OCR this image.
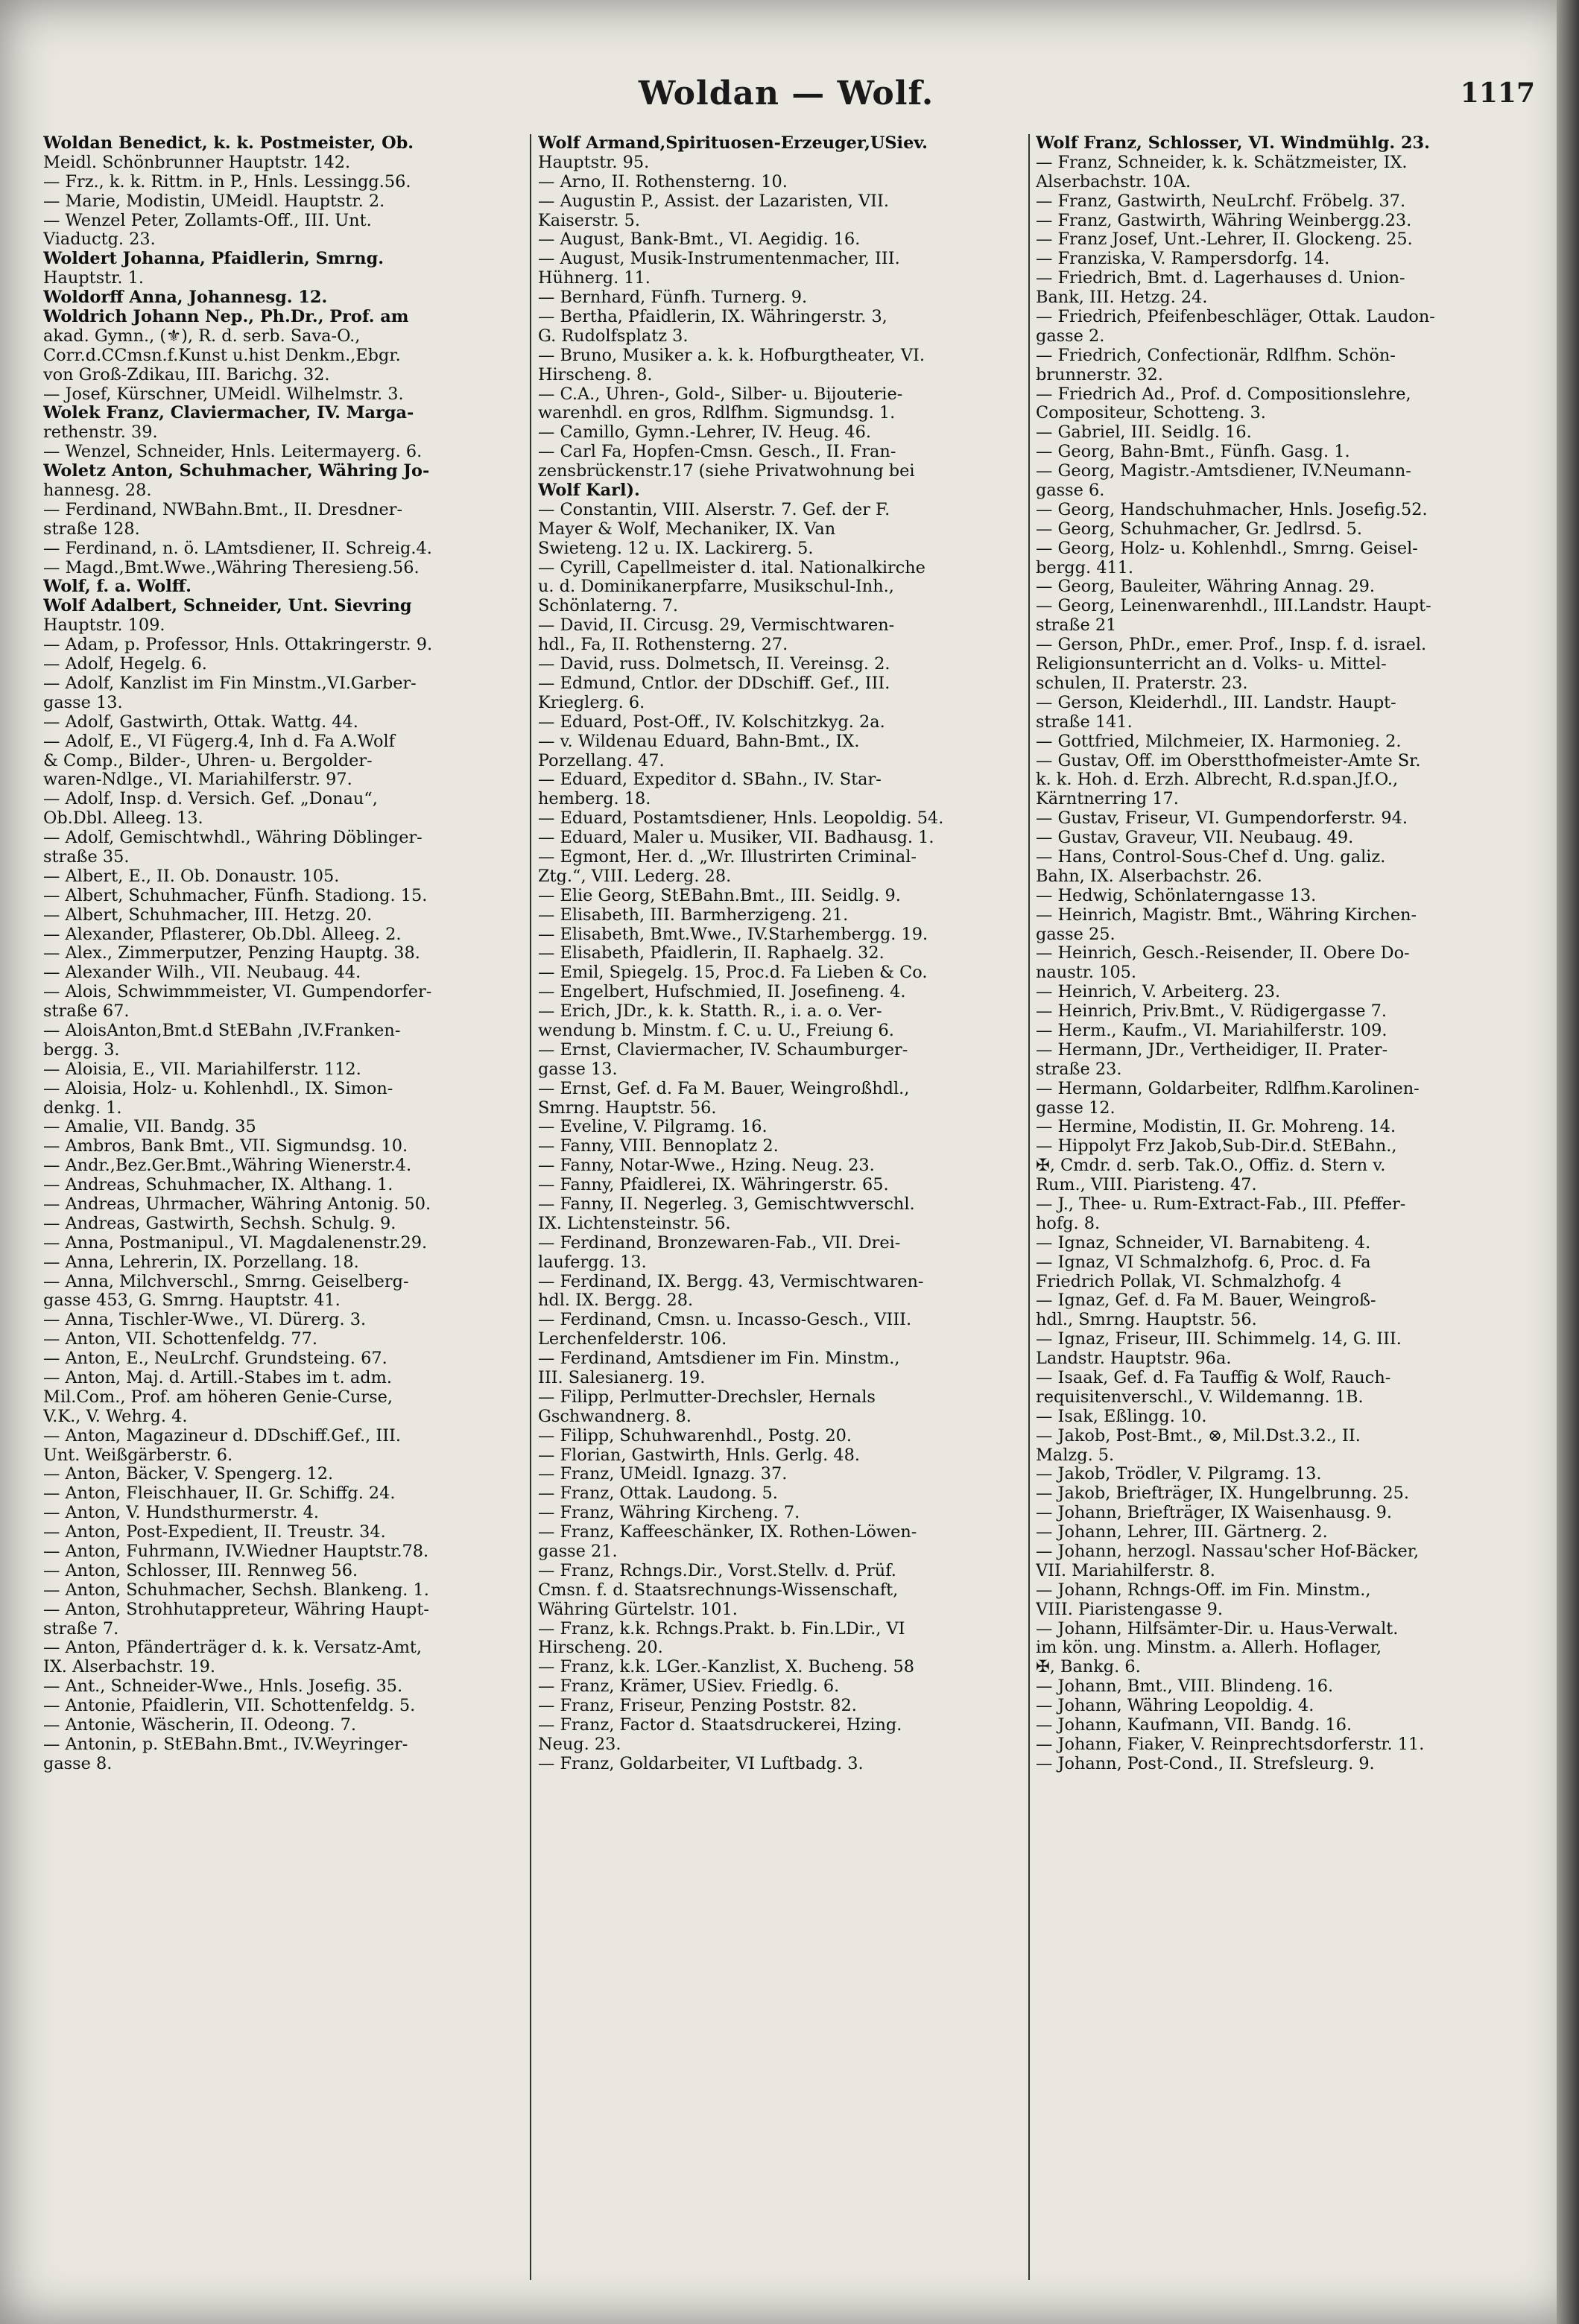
Woldan — Wolf.	1117
Woldan Benedict, k. k. Postmeister, Ob.
Meidl. Schönbrunner Hauptstr. 142.
— Frz., k. k. Rittm. in P., Hnls. Lessingg.56.
— Marie, Modistin, UMeidl. Hauptstr. 2.
— Wenzel Peter, Zollamts-Off., III. Unt.
Viaductg. 23.
Woldert Johanna, Pfaidlerin, Smrng.
Hauptstr. 1.
Woldorff Anna, Johannesg. 12.
Woldrich Johann Nep., Ph.Dr., Prof. am
akad. Gymn., (⚜), R. d. serb. Sava-O.,
Corr.d.CCmsn.f.Kunst u.hist Denkm.,Ebgr.
von Groß-Zdikau, III. Barichg. 32.
— Josef, Kürschner, UMeidl. Wilhelmstr. 3.
Wolek Franz, Claviermacher, IV. Marga-
rethenstr. 39.
— Wenzel, Schneider, Hnls. Leitermayerg. 6.
Woletz Anton, Schuhmacher, Währing Jo-
hannesg. 28.
— Ferdinand, NWBahn.Bmt., II. Dresdner-
straße 128.
— Ferdinand, n. ö. LAmtsdiener, II. Schreig.4.
— Magd.,Bmt.Wwe.,Währing Theresieng.56.
Wolf, f. a. Wolff.
Wolf Adalbert, Schneider, Unt. Sievring
Hauptstr. 109.
— Adam, p. Professor, Hnls. Ottakringerstr. 9.
— Adolf, Hegelg. 6.
— Adolf, Kanzlist im Fin Minstm.,VI.Garber-
gasse 13.
— Adolf, Gastwirth, Ottak. Wattg. 44.
— Adolf, E., VI Fügerg.4, Inh d. Fa A.Wolf
& Comp., Bilder-, Uhren- u. Bergolder-
waren-Ndlge., VI. Mariahilferstr. 97.
— Adolf, Insp. d. Versich. Gef. „Donau“,
Ob.Dbl. Alleeg. 13.
— Adolf, Gemischtwhdl., Währing Döblinger-
straße 35.
— Albert, E., II. Ob. Donaustr. 105.
— Albert, Schuhmacher, Fünfh. Stadiong. 15.
— Albert, Schuhmacher, III. Hetzg. 20.
— Alexander, Pflasterer, Ob.Dbl. Alleeg. 2.
— Alex., Zimmerputzer, Penzing Hauptg. 38.
— Alexander Wilh., VII. Neubaug. 44.
— Alois, Schwimmmeister, VI. Gumpendorfer-
straße 67.
— AloisAnton,Bmt.d StEBahn ,IV.Franken-
bergg. 3.
— Aloisia, E., VII. Mariahilferstr. 112.
— Aloisia, Holz- u. Kohlenhdl., IX. Simon-
denkg. 1.
— Amalie, VII. Bandg. 35
— Ambros, Bank Bmt., VII. Sigmundsg. 10.
— Andr.,Bez.Ger.Bmt.,Währing Wienerstr.4.
— Andreas, Schuhmacher, IX. Althang. 1.
— Andreas, Uhrmacher, Währing Antonig. 50.
— Andreas, Gastwirth, Sechsh. Schulg. 9.
— Anna, Postmanipul., VI. Magdalenenstr.29.
— Anna, Lehrerin, IX. Porzellang. 18.
— Anna, Milchverschl., Smrng. Geiselberg-
gasse 453, G. Smrng. Hauptstr. 41.
— Anna, Tischler-Wwe., VI. Dürerg. 3.
— Anton, VII. Schottenfeldg. 77.
— Anton, E., NeuLrchf. Grundsteing. 67.
— Anton, Maj. d. Artill.-Stabes im t. adm.
Mil.Com., Prof. am höheren Genie-Curse,
V.K., V. Wehrg. 4.
— Anton, Magazineur d. DDschiff.Gef., III.
Unt. Weißgärberstr. 6.
— Anton, Bäcker, V. Spengerg. 12.
— Anton, Fleischhauer, II. Gr. Schiffg. 24.
— Anton, V. Hundsthurmerstr. 4.
— Anton, Post-Expedient, II. Treustr. 34.
— Anton, Fuhrmann, IV.Wiedner Hauptstr.78.
— Anton, Schlosser, III. Rennweg 56.
— Anton, Schuhmacher, Sechsh. Blankeng. 1.
— Anton, Strohhutappreteur, Währing Haupt-
straße 7.
— Anton, Pfänderträger d. k. k. Versatz-Amt,
IX. Alserbachstr. 19.
— Ant., Schneider-Wwe., Hnls. Josefig. 35.
— Antonie, Pfaidlerin, VII. Schottenfeldg. 5.
— Antonie, Wäscherin, II. Odeong. 7.
— Antonin, p. StEBahn.Bmt., IV.Weyringer-
gasse 8.
Wolf Armand,Spirituosen-Erzeuger,USiev.
Hauptstr. 95.
— Arno, II. Rothensterng. 10.
— Augustin P., Assist. der Lazaristen, VII.
Kaiserstr. 5.
— August, Bank-Bmt., VI. Aegidig. 16.
— August, Musik-Instrumentenmacher, III.
Hühnerg. 11.
— Bernhard, Fünfh. Turnerg. 9.
— Bertha, Pfaidlerin, IX. Währingerstr. 3,
G. Rudolfsplatz 3.
— Bruno, Musiker a. k. k. Hofburgtheater, VI.
Hirscheng. 8.
— C.A., Uhren-, Gold-, Silber- u. Bijouterie-
warenhdl. en gros, Rdlfhm. Sigmundsg. 1.
— Camillo, Gymn.-Lehrer, IV. Heug. 46.
— Carl Fa, Hopfen-Cmsn. Gesch., II. Fran-
zensbrückenstr.17 (siehe Privatwohnung bei
Wolf Karl).
— Constantin, VIII. Alserstr. 7. Gef. der F.
Mayer & Wolf, Mechaniker, IX. Van
Swieteng. 12 u. IX. Lackirerg. 5.
— Cyrill, Capellmeister d. ital. Nationalkirche
u. d. Dominikanerpfarre, Musikschul-Inh.,
Schönlaterng. 7.
— David, II. Circusg. 29, Vermischtwaren-
hdl., Fa, II. Rothensterng. 27.
— David, russ. Dolmetsch, II. Vereinsg. 2.
— Edmund, Cntlor. der DDschiff. Gef., III.
Krieglerg. 6.
— Eduard, Post-Off., IV. Kolschitzkyg. 2a.
— v. Wildenau Eduard, Bahn-Bmt., IX.
Porzellang. 47.
— Eduard, Expeditor d. SBahn., IV. Star-
hemberg. 18.
— Eduard, Postamtsdiener, Hnls. Leopoldig. 54.
— Eduard, Maler u. Musiker, VII. Badhausg. 1.
— Egmont, Her. d. „Wr. Illustrirten Criminal-
Ztg.“, VIII. Lederg. 28.
— Elie Georg, StEBahn.Bmt., III. Seidlg. 9.
— Elisabeth, III. Barmherzigeng. 21.
— Elisabeth, Bmt.Wwe., IV.Starhembergg. 19.
— Elisabeth, Pfaidlerin, II. Raphaelg. 32.
— Emil, Spiegelg. 15, Proc.d. Fa Lieben & Co.
— Engelbert, Hufschmied, II. Josefineng. 4.
— Erich, JDr., k. k. Statth. R., i. a. o. Ver-
wendung b. Minstm. f. C. u. U., Freiung 6.
— Ernst, Claviermacher, IV. Schaumburger-
gasse 13.
— Ernst, Gef. d. Fa M. Bauer, Weingroßhdl.,
Smrng. Hauptstr. 56.
— Eveline, V. Pilgramg. 16.
— Fanny, VIII. Bennoplatz 2.
— Fanny, Notar-Wwe., Hzing. Neug. 23.
— Fanny, Pfaidlerei, IX. Währingerstr. 65.
— Fanny, II. Negerleg. 3, Gemischtwverschl.
IX. Lichtensteinstr. 56.
— Ferdinand, Bronzewaren-Fab., VII. Drei-
laufergg. 13.
— Ferdinand, IX. Bergg. 43, Vermischtwaren-
hdl. IX. Bergg. 28.
— Ferdinand, Cmsn. u. Incasso-Gesch., VIII.
Lerchenfelderstr. 106.
— Ferdinand, Amtsdiener im Fin. Minstm.,
III. Salesianerg. 19.
— Filipp, Perlmutter-Drechsler, Hernals
Gschwandnerg. 8.
— Filipp, Schuhwarenhdl., Postg. 20.
— Florian, Gastwirth, Hnls. Gerlg. 48.
— Franz, UMeidl. Ignazg. 37.
— Franz, Ottak. Laudong. 5.
— Franz, Währing Kircheng. 7.
— Franz, Kaffeeschänker, IX. Rothen-Löwen-
gasse 21.
— Franz, Rchngs.Dir., Vorst.Stellv. d. Prüf.
Cmsn. f. d. Staatsrechnungs-Wissenschaft,
Währing Gürtelstr. 101.
— Franz, k.k. Rchngs.Prakt. b. Fin.LDir., VI
Hirscheng. 20.
— Franz, k.k. LGer.-Kanzlist, X. Bucheng. 58
— Franz, Krämer, USiev. Friedlg. 6.
— Franz, Friseur, Penzing Poststr. 82.
— Franz, Factor d. Staatsdruckerei, Hzing.
Neug. 23.
— Franz, Goldarbeiter, VI Luftbadg. 3.
Wolf Franz, Schlosser, VI. Windmühlg. 23.
— Franz, Schneider, k. k. Schätzmeister, IX.
Alserbachstr. 10A.
— Franz, Gastwirth, NeuLrchf. Fröbelg. 37.
— Franz, Gastwirth, Währing Weinbergg.23.
— Franz Josef, Unt.-Lehrer, II. Glockeng. 25.
— Franziska, V. Rampersdorfg. 14.
— Friedrich, Bmt. d. Lagerhauses d. Union-
Bank, III. Hetzg. 24.
— Friedrich, Pfeifenbeschläger, Ottak. Laudon-
gasse 2.
— Friedrich, Confectionär, Rdlfhm. Schön-
brunnerstr. 32.
— Friedrich Ad., Prof. d. Compositionslehre,
Compositeur, Schotteng. 3.
— Gabriel, III. Seidlg. 16.
— Georg, Bahn-Bmt., Fünfh. Gasg. 1.
— Georg, Magistr.-Amtsdiener, IV.Neumann-
gasse 6.
— Georg, Handschuhmacher, Hnls. Josefig.52.
— Georg, Schuhmacher, Gr. Jedlrsd. 5.
— Georg, Holz- u. Kohlenhdl., Smrng. Geisel-
bergg. 411.
— Georg, Bauleiter, Währing Annag. 29.
— Georg, Leinenwarenhdl., III.Landstr. Haupt-
straße 21
— Gerson, PhDr., emer. Prof., Insp. f. d. israel.
Religionsunterricht an d. Volks- u. Mittel-
schulen, II. Praterstr. 23.
— Gerson, Kleiderhdl., III. Landstr. Haupt-
straße 141.
— Gottfried, Milchmeier, IX. Harmonieg. 2.
— Gustav, Off. im Oberstthofmeister-Amte Sr.
k. k. Hoh. d. Erzh. Albrecht, R.d.span.Jf.O.,
Kärntnerring 17.
— Gustav, Friseur, VI. Gumpendorferstr. 94.
— Gustav, Graveur, VII. Neubaug. 49.
— Hans, Control-Sous-Chef d. Ung. galiz.
Bahn, IX. Alserbachstr. 26.
— Hedwig, Schönlaterngasse 13.
— Heinrich, Magistr. Bmt., Währing Kirchen-
gasse 25.
— Heinrich, Gesch.-Reisender, II. Obere Do-
naustr. 105.
— Heinrich, V. Arbeiterg. 23.
— Heinrich, Priv.Bmt., V. Rüdigergasse 7.
— Herm., Kaufm., VI. Mariahilferstr. 109.
— Hermann, JDr., Vertheidiger, II. Prater-
straße 23.
— Hermann, Goldarbeiter, Rdlfhm.Karolinen-
gasse 12.
— Hermine, Modistin, II. Gr. Mohreng. 14.
— Hippolyt Frz Jakob,Sub-Dir.d. StEBahn.,
✠, Cmdr. d. serb. Tak.O., Offiz. d. Stern v.
Rum., VIII. Piaristeng. 47.
— J., Thee- u. Rum-Extract-Fab., III. Pfeffer-
hofg. 8.
— Ignaz, Schneider, VI. Barnabiteng. 4.
— Ignaz, VI Schmalzhofg. 6, Proc. d. Fa
Friedrich Pollak, VI. Schmalzhofg. 4
— Ignaz, Gef. d. Fa M. Bauer, Weingroß-
hdl., Smrng. Hauptstr. 56.
— Ignaz, Friseur, III. Schimmelg. 14, G. III.
Landstr. Hauptstr. 96a.
— Isaak, Gef. d. Fa Tauffig & Wolf, Rauch-
requisitenverschl., V. Wildemanng. 1B.
— Isak, Eßlingg. 10.
— Jakob, Post-Bmt., ⊗, Mil.Dst.3.2., II.
Malzg. 5.
— Jakob, Trödler, V. Pilgramg. 13.
— Jakob, Briefträger, IX. Hungelbrunng. 25.
— Johann, Briefträger, IX Waisenhausg. 9.
— Johann, Lehrer, III. Gärtnerg. 2.
— Johann, herzogl. Nassau'scher Hof-Bäcker,
VII. Mariahilferstr. 8.
— Johann, Rchngs-Off. im Fin. Minstm.,
VIII. Piaristengasse 9.
— Johann, Hilfsämter-Dir. u. Haus-Verwalt.
im kön. ung. Minstm. a. Allerh. Hoflager,
✠, Bankg. 6.
— Johann, Bmt., VIII. Blindeng. 16.
— Johann, Währing Leopoldig. 4.
— Johann, Kaufmann, VII. Bandg. 16.
— Johann, Fiaker, V. Reinprechtsdorferstr. 11.
— Johann, Post-Cond., II. Strefsleurg. 9.
